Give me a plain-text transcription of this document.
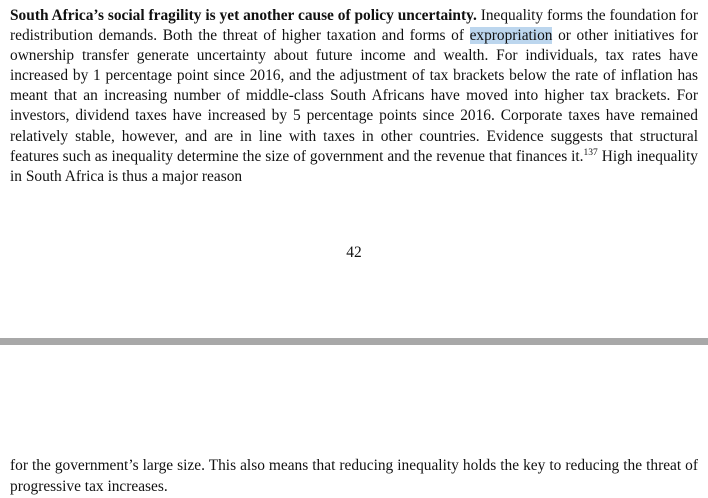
South Africa’s social fragility is yet another cause of policy uncertainty. Inequality forms the foundation for redistribution demands. Both the threat of higher taxation and forms of expropriation or other initiatives for ownership transfer generate uncertainty about future income and wealth. For individuals, tax rates have increased by 1 percentage point since 2016, and the adjustment of tax brackets below the rate of inflation has meant that an increasing number of middle-class South Africans have moved into higher tax brackets. For investors, dividend taxes have increased by 5 percentage points since 2016. Corporate taxes have remained relatively stable, however, and are in line with taxes in other countries. Evidence suggests that structural features such as inequality determine the size of government and the revenue that finances it.$^{137}$ High inequality in South Africa is thus a major reason

42

for the government’s large size. This also means that reducing inequality holds the key to reducing the threat of progressive tax increases.
